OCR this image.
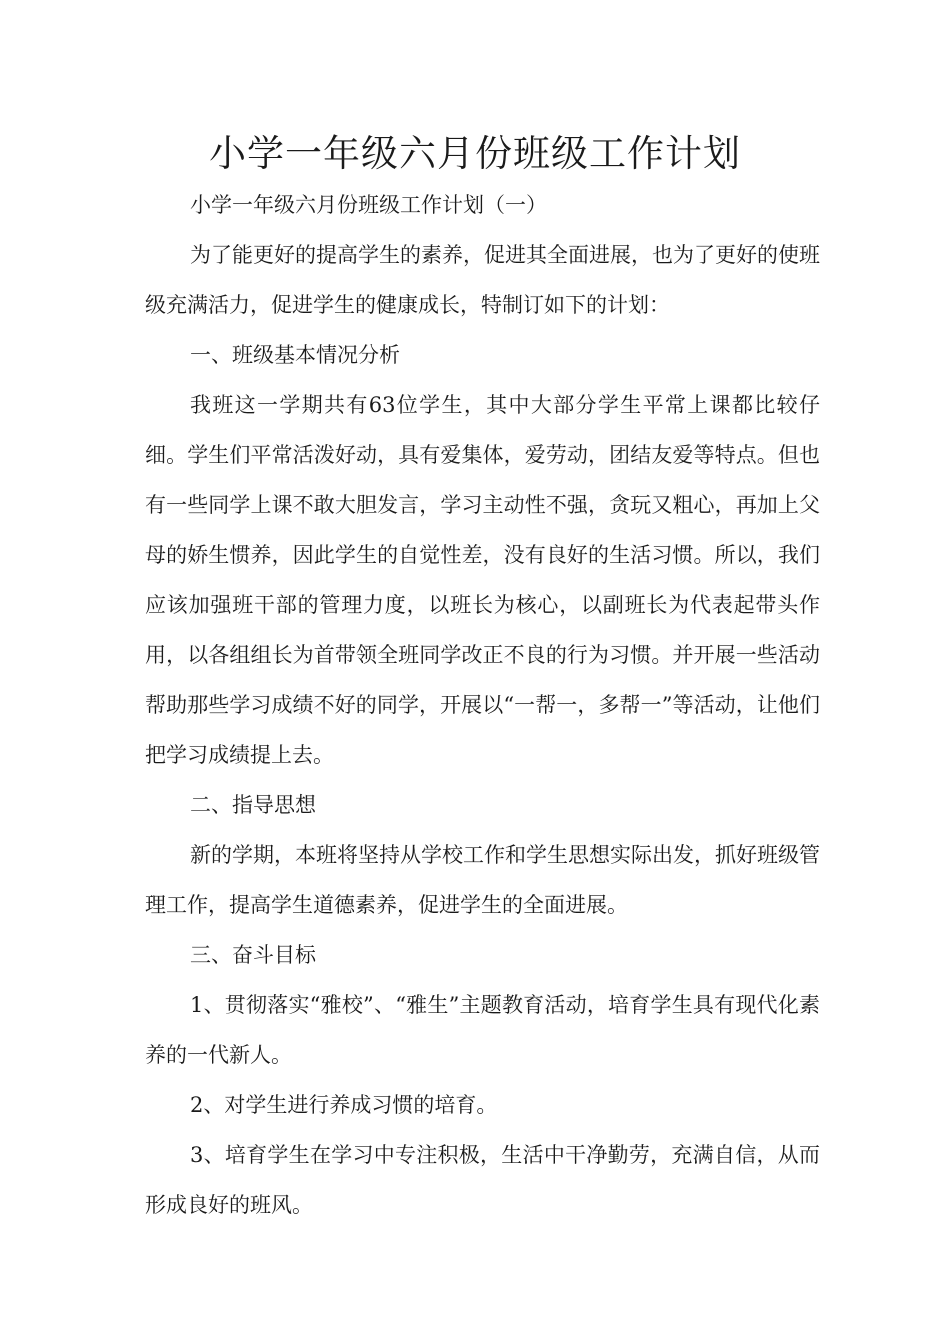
小学一年级六月份班级工作计划

小学一年级六月份班级工作计划（一）

为了能更好的提高学生的素养，促进其全面进展，也为了更好的使班级充满活力，促进学生的健康成长，特制订如下的计划：

一、班级基本情况分析

我班这一学期共有63位学生，其中大部分学生平常上课都比较仔细。学生们平常活泼好动，具有爱集体，爱劳动，团结友爱等特点。但也有一些同学上课不敢大胆发言，学习主动性不强，贪玩又粗心，再加上父母的娇生惯养，因此学生的自觉性差，没有良好的生活习惯。所以，我们应该加强班干部的管理力度，以班长为核心，以副班长为代表起带头作用，以各组组长为首带领全班同学改正不良的行为习惯。并开展一些活动帮助那些学习成绩不好的同学，开展以“一帮一，多帮一”等活动，让他们把学习成绩提上去。

二、指导思想

新的学期，本班将坚持从学校工作和学生思想实际出发，抓好班级管理工作，提高学生道德素养，促进学生的全面进展。

三、奋斗目标

1、贯彻落实“雅校”、“雅生”主题教育活动，培育学生具有现代化素养的一代新人。

2、对学生进行养成习惯的培育。

3、培育学生在学习中专注积极，生活中干净勤劳，充满自信，从而形成良好的班风。
